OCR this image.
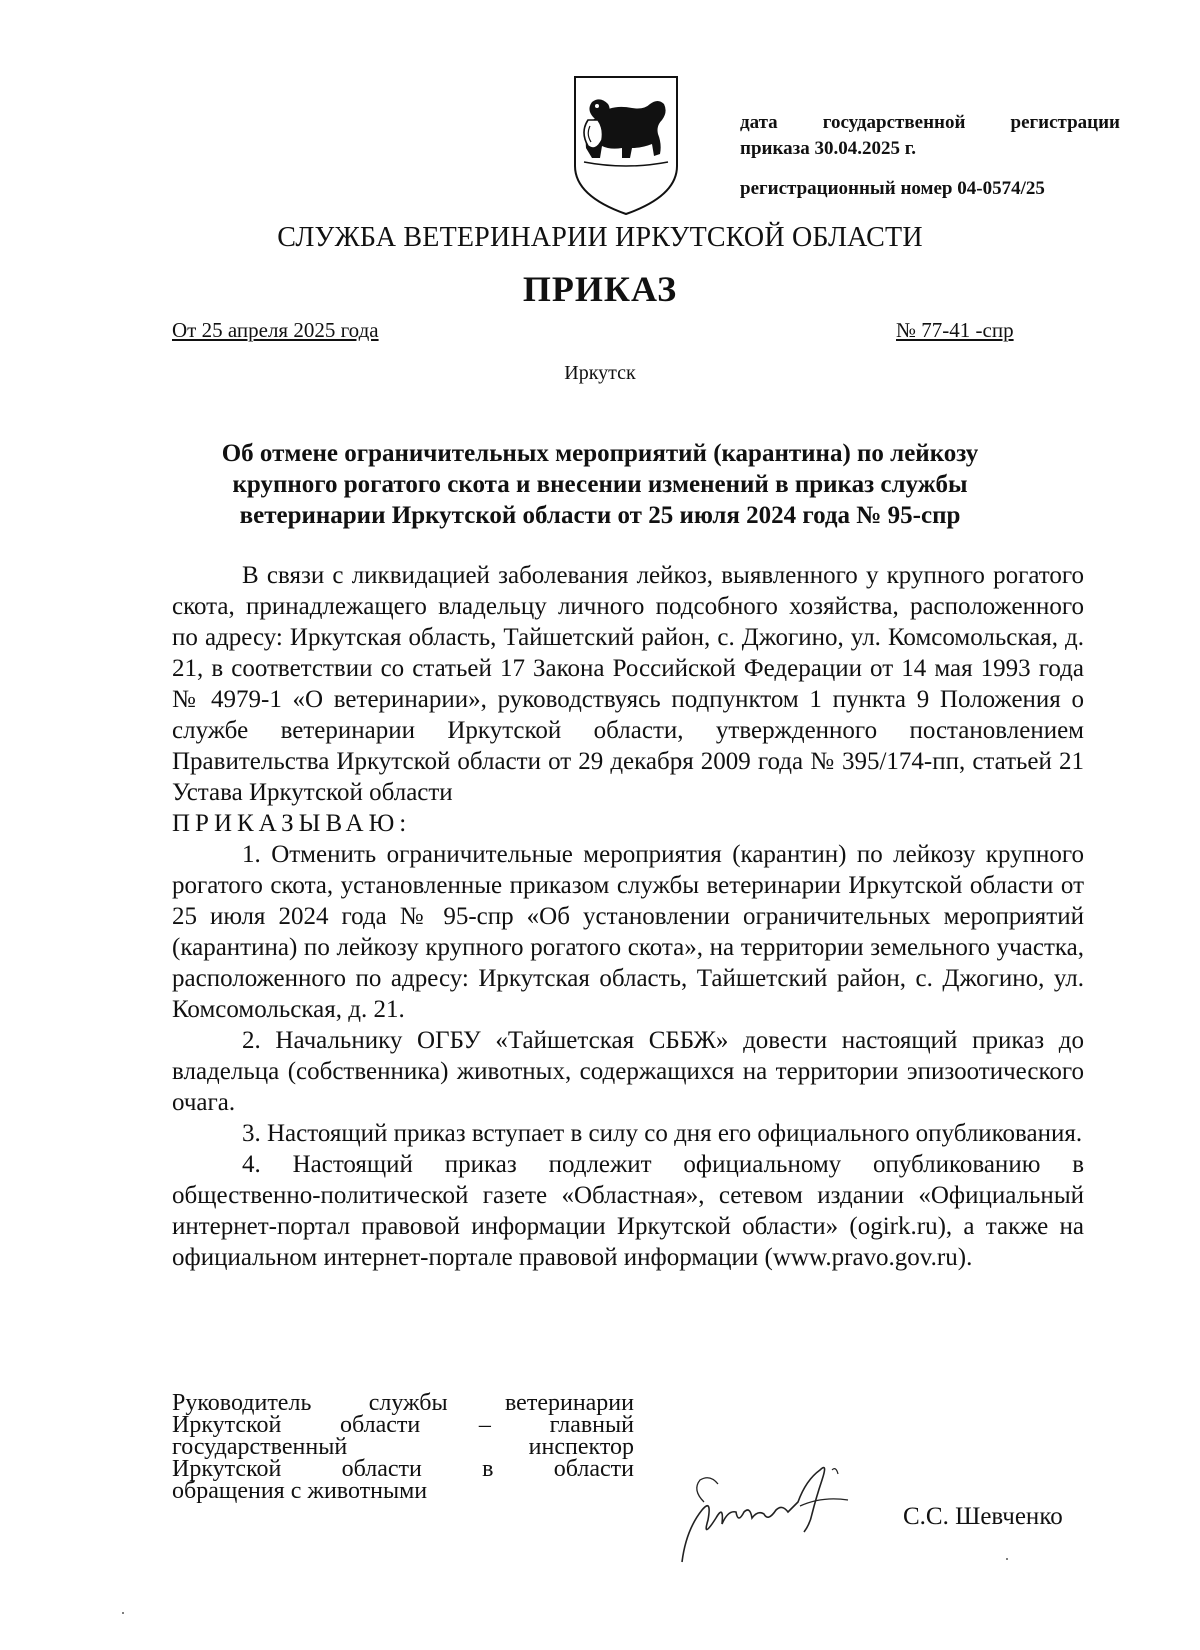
дата государственной регистрации
приказа 30.04.2025 г.
регистрационный номер 04-0574/25
СЛУЖБА ВЕТЕРИНАРИИ ИРКУТСКОЙ ОБЛАСТИ
ПРИКАЗ
От 25 апреля 2025 года	№ 77-41 -спр
Иркутск
Об отмене ограничительных мероприятий (карантина) по лейкозу
крупного рогатого скота и внесении изменений в приказ службы
ветеринарии Иркутской области от 25 июля 2024 года № 95-спр

В связи с ликвидацией заболевания лейкоз, выявленного у крупного рогатого скота, принадлежащего владельцу личного подсобного хозяйства, расположенного по адресу: Иркутская область, Тайшетский район, с. Джогино, ул. Комсомольская, д. 21, в соответствии со статьей 17 Закона Российской Федерации от 14 мая 1993 года № 4979-1 «О ветеринарии», руководствуясь подпунктом 1 пункта 9 Положения о службе ветеринарии Иркутской области, утвержденного постановлением Правительства Иркутской области от 29 декабря 2009 года № 395/174-пп, статьей 21 Устава Иркутской области

ПРИКАЗЫВАЮ:

1. Отменить ограничительные мероприятия (карантин) по лейкозу крупного рогатого скота, установленные приказом службы ветеринарии Иркутской области от 25 июля 2024 года № 95-спр «Об установлении ограничительных мероприятий (карантина) по лейкозу крупного рогатого скота», на территории земельного участка, расположенного по адресу: Иркутская область, Тайшетский район, с. Джогино, ул. Комсомольская, д. 21.

2. Начальнику ОГБУ «Тайшетская СББЖ» довести настоящий приказ до владельца (собственника) животных, содержащихся на территории эпизоотического очага.

3. Настоящий приказ вступает в силу со дня его официального опубликования.

4. Настоящий приказ подлежит официальному опубликованию в общественно-политической газете «Областная», сетевом издании «Официальный интернет-портал правовой информации Иркутской области» (ogirk.ru), а также на официальном интернет-портале правовой информации (www.pravo.gov.ru).

Руководитель службы ветеринарии
Иркутской области – главный
государственный инспектор
Иркутской области в области
обращения с животными
С.С. Шевченко
